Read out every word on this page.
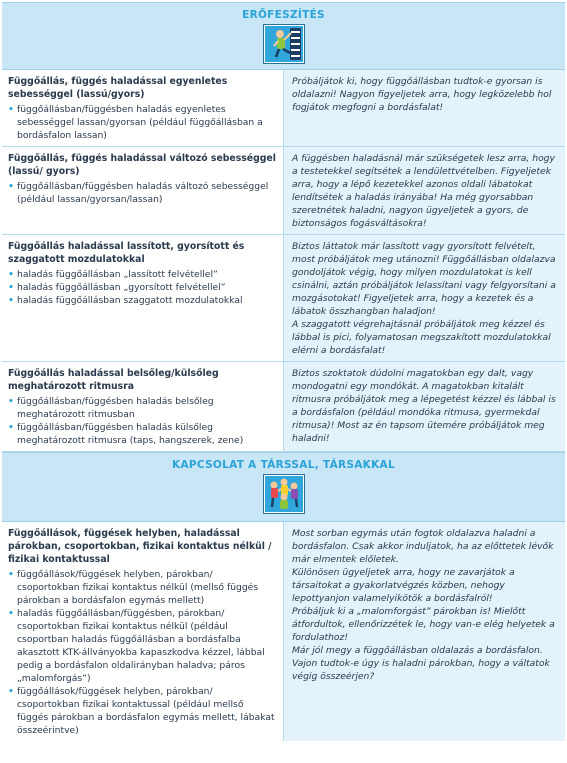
ERŐFESZÍTÉS
Függőállás, függés haladással egyenletes sebességgel (lassú/gyors)
• függőállásban/függésben haladás egyenletes sebességgel lassan/gyorsan (például függőállásban a bordásfalon lassan)
Próbáljátok ki, hogy függőállásban tudtok-e gyorsan is oldalazni! Nagyon figyeljetek arra, hogy legközelebb hol fogjátok megfogni a bordásfalat!
Függőállás, függés haladással változó sebességgel (lassú/ gyors)
• függőállásban/függésben haladás változó sebességgel (például lassan/gyorsan/lassan)
A függésben haladásnál már szükségetek lesz arra, hogy a testetekkel segítsétek a lendülettvételben. Figyeljetek arra, hogy a lépő kezetekkel azonos oldali lábatokat lendítsétek a haladás irányába! Ha még gyorsabban szeretnétek haladni, nagyon ügyeljetek a gyors, de biztonságos fogásváltásokra!
Függőállás haladással lassított, gyorsított és szaggatott mozdulatokkal
• haladás függőállásban „lassított felvétellel”
• haladás függőállásban „gyorsított felvétellel”
• haladás függőállásban szaggatott mozdulatokkal
Biztos láttatok már lassított vagy gyorsított felvételt, most próbáljátok meg utánozni! Függőállásban oldalazva gondoljátok végig, hogy milyen mozdulatokat is kell csinálni, aztán próbáljátok lelassítani vagy felgyorsítani a mozgásotokat! Figyeljetek arra, hogy a kezetek és a lábatok összhangban haladjon!
A szaggatott végrehajtásnál próbáljátok meg kézzel és lábbal is pici, folyamatosan megszakított mozdulatokkal elérni a bordásfalat!
Függőállás haladással belsőleg/külsőleg meghatározott ritmusra
• függőállásban/függésben haladás belsőleg meghatározott ritmusban
• függőállásban/függésben haladás külsőleg meghatározott ritmusra (taps, hangszerek, zene)
Biztos szoktatok dúdolni magatokban egy dalt, vagy mondogatni egy mondókát. A magatokban kitalált ritmusra próbáljátok meg a lépegetést kézzel és lábbal is a bordásfalon (például mondóka ritmusa, gyermekdal ritmusa)! Most az én tapsom ütemére próbáljátok meg haladni!
KAPCSOLAT A TÁRSSAL, TÁRSAKKAL
Függőállások, függések helyben, haladással párokban, csoportokban, fizikai kontaktus nélkül / fizikai kontaktussal
• függőállások/függések helyben, párokban/ csoportokban fizikai kontaktus nélkül (mellső függés párokban a bordásfalon egymás mellett)
• haladás függőállásban/függésben, párokban/ csoportokban fizikai kontaktus nélkül (például csoportban haladás függőállásban a bordásfalba akasztott KTK-állványokba kapaszkodva kézzel, lábbal pedig a bordásfalon oldalirányban haladva; páros „malomforgás”)
• függőállások/függések helyben, párokban/ csoportokban fizikai kontaktussal (például mellső függés párokban a bordásfalon egymás mellett, lábakat összeérintve)
Most sorban egymás után fogtok oldalazva haladni a bordásfalon. Csak akkor induljatok, ha az előttetek lévők már elmentek előletek.
Különösen ügyeljetek arra, hogy ne zavarjátok a társaitokat a gyakorlatvégzés közben, nehogy lepottyanjon valamelyikötök a bordásfalról!
Próbáljuk ki a „malomforgást” párokban is! Mielőtt átfordultok, ellenőrizzétek le, hogy van-e elég helyetek a fordulathoz!
Már jól megy a függőállásban oldalazás a bordásfalon. Vajon tudtok-e úgy is haladni párokban, hogy a váltatok végig összeérjen?
